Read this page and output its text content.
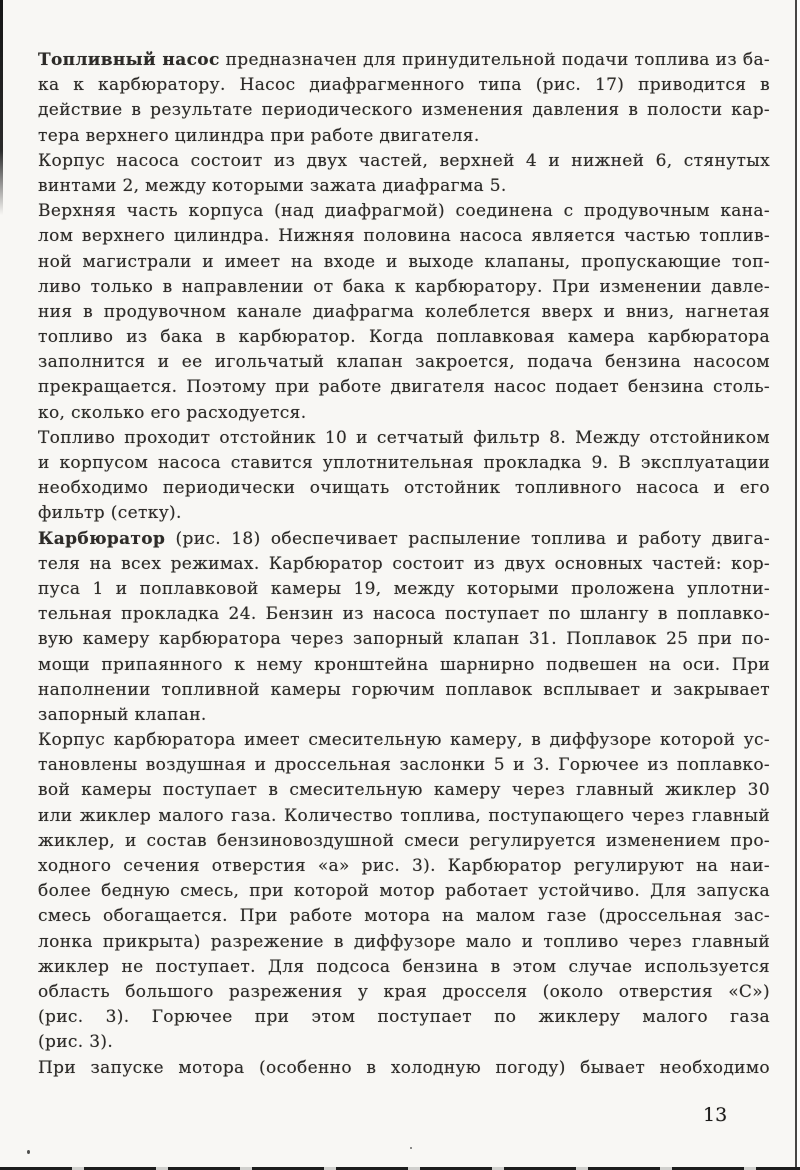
Топливный насос предназначен для принудительной подачи топлива из ба-
ка к карбюратору. Насос диафрагменного типа (рис. 17) приводится в
действие в результате периодического изменения давления в полости кар-
тера верхнего цилиндра при работе двигателя.
Корпус насоса состоит из двух частей, верхней 4 и нижней 6, стянутых
винтами 2, между которыми зажата диафрагма 5.
Верхняя часть корпуса (над диафрагмой) соединена с продувочным кана-
лом верхнего цилиндра. Нижняя половина насоса является частью топлив-
ной магистрали и имеет на входе и выходе клапаны, пропускающие топ-
ливо только в направлении от бака к карбюратору. При изменении давле-
ния в продувочном канале диафрагма колеблется вверх и вниз, нагнетая
топливо из бака в карбюратор. Когда поплавковая камера карбюратора
заполнится и ее игольчатый клапан закроется, подача бензина насосом
прекращается. Поэтому при работе двигателя насос подает бензина столь-
ко, сколько его расходуется.
Топливо проходит отстойник 10 и сетчатый фильтр 8. Между отстойником
и корпусом насоса ставится уплотнительная прокладка 9. В эксплуатации
необходимо периодически очищать отстойник топливного насоса и его
фильтр (сетку).
Карбюратор (рис. 18) обеспечивает распыление топлива и работу двига-
теля на всех режимах. Карбюратор состоит из двух основных частей: кор-
пуса 1 и поплавковой камеры 19, между которыми проложена уплотни-
тельная прокладка 24. Бензин из насоса поступает по шлангу в поплавко-
вую камеру карбюратора через запорный клапан 31. Поплавок 25 при по-
мощи припаянного к нему кронштейна шарнирно подвешен на оси. При
наполнении топливной камеры горючим поплавок всплывает и закрывает
запорный клапан.
Корпус карбюратора имеет смесительную камеру, в диффузоре которой ус-
тановлены воздушная и дроссельная заслонки 5 и 3. Горючее из поплавко-
вой камеры поступает в смесительную камеру через главный жиклер 30
или жиклер малого газа. Количество топлива, поступающего через главный
жиклер, и состав бензиновоздушной смеси регулируется изменением про-
ходного сечения отверстия «а» рис. 3). Карбюратор регулируют на наи-
более бедную смесь, при которой мотор работает устойчиво. Для запуска
смесь обогащается. При работе мотора на малом газе (дроссельная зас-
лонка прикрыта) разрежение в диффузоре мало и топливо через главный
жиклер не поступает. Для подсоса бензина в этом случае используется
область большого разрежения у края дросселя (около отверстия «С»)
(рис. 3). Горючее при этом поступает по жиклеру малого газа
(рис. 3).
При запуске мотора (особенно в холодную погоду) бывает необходимо
13
